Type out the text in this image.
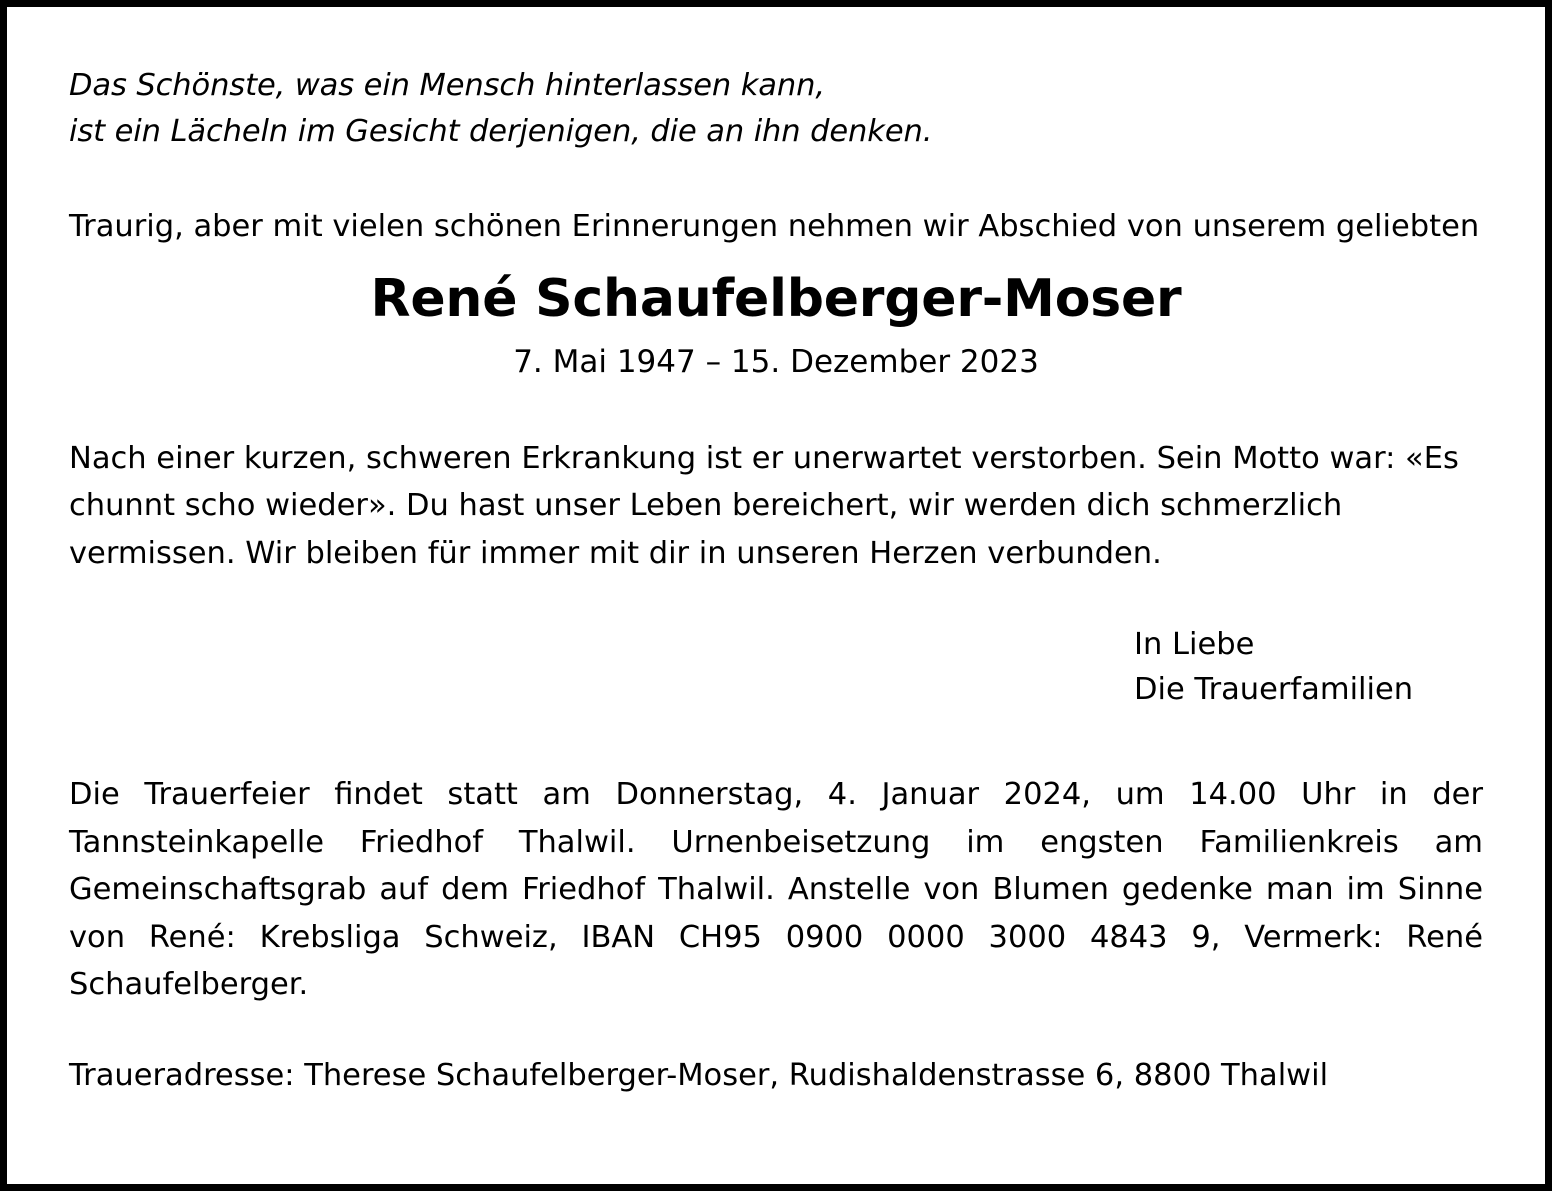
Das Schönste, was ein Mensch hinterlassen kann,
ist ein Lächeln im Gesicht derjenigen, die an ihn denken.

Traurig, aber mit vielen schönen Erinnerungen nehmen wir Abschied von unserem geliebten

René Schaufelberger-Moser

7. Mai 1947 – 15. Dezember 2023

Nach einer kurzen, schweren Erkrankung ist er unerwartet verstorben. Sein Motto war: «Es chunnt scho wieder». Du hast unser Leben bereichert, wir werden dich schmerzlich vermissen. Wir bleiben für immer mit dir in unseren Herzen verbunden.

In Liebe
Die Trauerfamilien

Die Trauerfeier findet statt am Donnerstag, 4. Januar 2024, um 14.00 Uhr in der Tannsteinkapelle Friedhof Thalwil. Urnenbeisetzung im engsten Familienkreis am Gemeinschaftsgrab auf dem Friedhof Thalwil. Anstelle von Blumen gedenke man im Sinne von René: Krebsliga Schweiz, IBAN CH95 0900 0000 3000 4843 9, Vermerk: René Schaufelberger.

Traueradresse: Therese Schaufelberger-Moser, Rudishaldenstrasse 6, 8800 Thalwil
